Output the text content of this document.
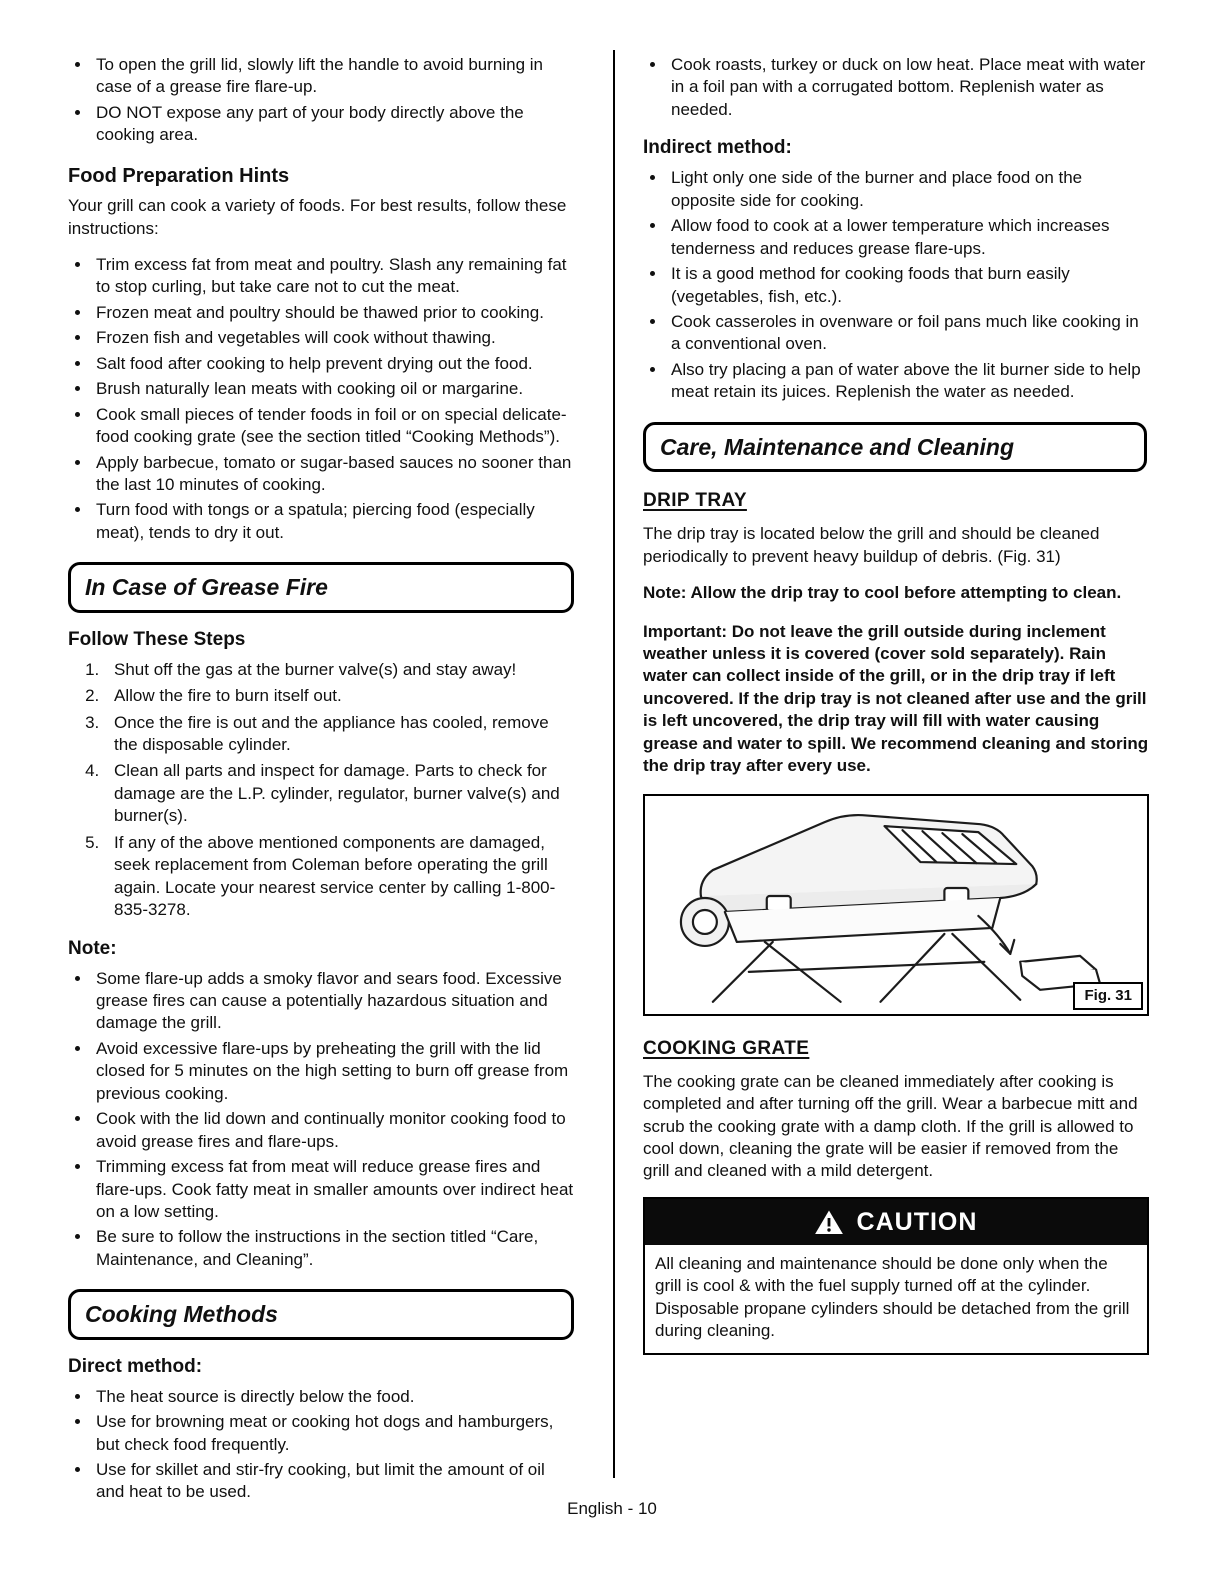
• To open the grill lid, slowly lift the handle to avoid burning in case of a grease fire flare-up.
• DO NOT expose any part of your body directly above the cooking area.
Food Preparation Hints

Your grill can cook a variety of foods. For best results, follow these instructions:

• Trim excess fat from meat and poultry. Slash any remaining fat to stop curling, but take care not to cut the meat.
• Frozen meat and poultry should be thawed prior to cooking.
• Frozen fish and vegetables will cook without thawing.
• Salt food after cooking to help prevent drying out the food.
• Brush naturally lean meats with cooking oil or margarine.
• Cook small pieces of tender foods in foil or on special delicate-food cooking grate (see the section titled “Cooking Methods”).
• Apply barbecue, tomato or sugar-based sauces no sooner than the last 10 minutes of cooking.
• Turn food with tongs or a spatula; piercing food (especially meat), tends to dry it out.
In Case of Grease Fire
Follow These Steps
1. Shut off the gas at the burner valve(s) and stay away!
2. Allow the fire to burn itself out.
3. Once the fire is out and the appliance has cooled, remove the disposable cylinder.
4. Clean all parts and inspect for damage. Parts to check for damage are the L.P. cylinder, regulator, burner valve(s) and burner(s).
5. If any of the above mentioned components are damaged, seek replacement from Coleman before operating the grill again. Locate your nearest service center by calling 1-800-835-3278.
Note:
• Some flare-up adds a smoky flavor and sears food. Excessive grease fires can cause a potentially hazardous situation and damage the grill.
• Avoid excessive flare-ups by preheating the grill with the lid closed for 5 minutes on the high setting to burn off grease from previous cooking.
• Cook with the lid down and continually monitor cooking food to avoid grease fires and flare-ups.
• Trimming excess fat from meat will reduce grease fires and flare-ups. Cook fatty meat in smaller amounts over indirect heat on a low setting.
• Be sure to follow the instructions in the section titled “Care, Maintenance, and Cleaning”.
Cooking Methods
Direct method:
• The heat source is directly below the food.
• Use for browning meat or cooking hot dogs and hamburgers, but check food frequently.
• Use for skillet and stir-fry cooking, but limit the amount of oil and heat to be used.
• Cook roasts, turkey or duck on low heat. Place meat with water in a foil pan with a corrugated bottom. Replenish water as needed.
Indirect method:
• Light only one side of the burner and place food on the opposite side for cooking.
• Allow food to cook at a lower temperature which increases tenderness and reduces grease flare-ups.
• It is a good method for cooking foods that burn easily (vegetables, fish, etc.).
• Cook casseroles in ovenware or foil pans much like cooking in a conventional oven.
• Also try placing a pan of water above the lit burner side to help meat retain its juices. Replenish the water as needed.
Care, Maintenance and Cleaning
DRIP TRAY

The drip tray is located below the grill and should be cleaned periodically to prevent heavy buildup of debris. (Fig. 31)

Note: Allow the drip tray to cool before attempting to clean.

Important: Do not leave the grill outside during inclement weather unless it is covered (cover sold separately). Rain water can collect inside of the grill, or in the drip tray if left uncovered. If the drip tray is not cleaned after use and the grill is left uncovered, the drip tray will fill with water causing grease and water to spill. We recommend cleaning and storing the drip tray after every use.

Fig. 31
COOKING GRATE

The cooking grate can be cleaned immediately after cooking is completed and after turning off the grill. Wear a barbecue mitt and scrub the cooking grate with a damp cloth. If the grill is allowed to cool down, cleaning the grate will be easier if removed from the grill and cleaned with a mild detergent.

CAUTION
All cleaning and maintenance should be done only when the grill is cool & with the fuel supply turned off at the cylinder. Disposable propane cylinders should be detached from the grill during cleaning.
English - 10
